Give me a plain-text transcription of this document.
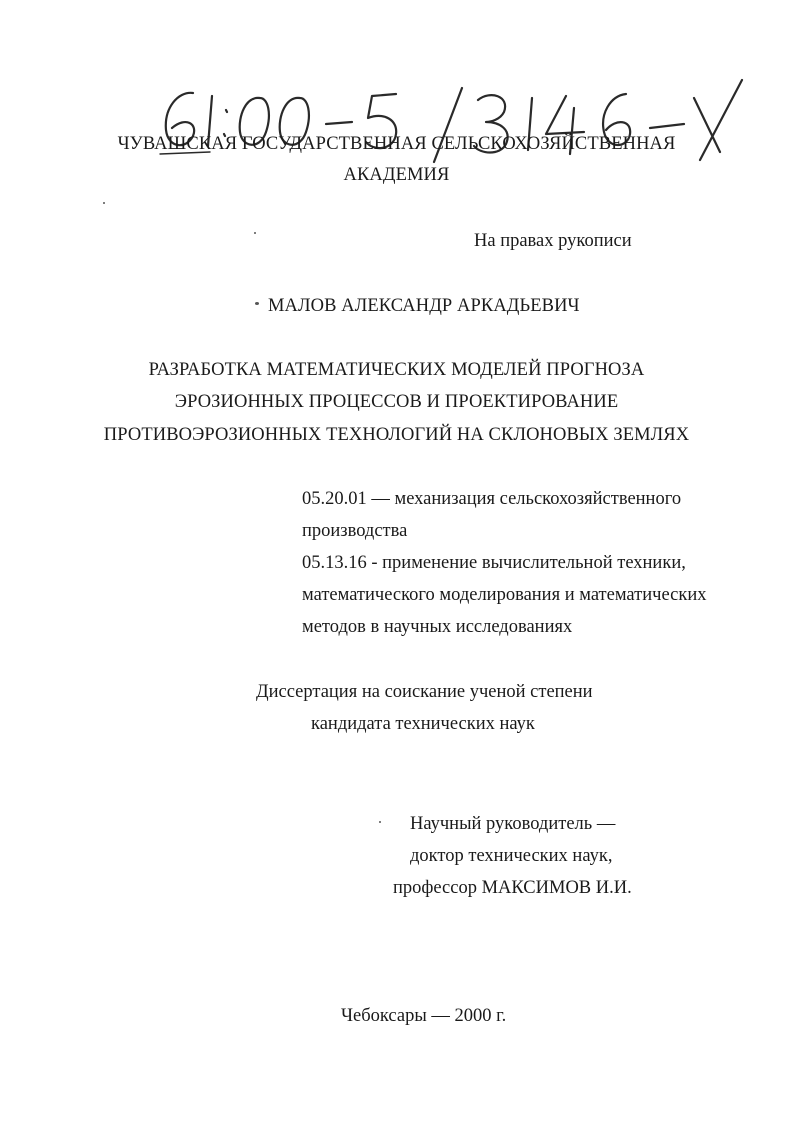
ЧУВАШСКАЯ ГОСУДАРСТВЕННАЯ СЕЛЬСКОХОЗЯЙСТВЕННАЯ
АКАДЕМИЯ
На правах рукописи
МАЛОВ АЛЕКСАНДР АРКАДЬЕВИЧ
РАЗРАБОТКА МАТЕМАТИЧЕСКИХ МОДЕЛЕЙ ПРОГНОЗА
ЭРОЗИОННЫХ ПРОЦЕССОВ И ПРОЕКТИРОВАНИЕ
ПРОТИВОЭРОЗИОННЫХ ТЕХНОЛОГИЙ НА СКЛОНОВЫХ ЗЕМЛЯХ
05.20.01 — механизация сельскохозяйственного
производства
05.13.16 - применение вычислительной техники,
математического моделирования и математических
методов в научных исследованиях
Диссертация на соискание ученой степени
кандидата технических наук
Научный руководитель —
доктор технических наук,
профессор МАКСИМОВ И.И.
Чебоксары — 2000 г.
